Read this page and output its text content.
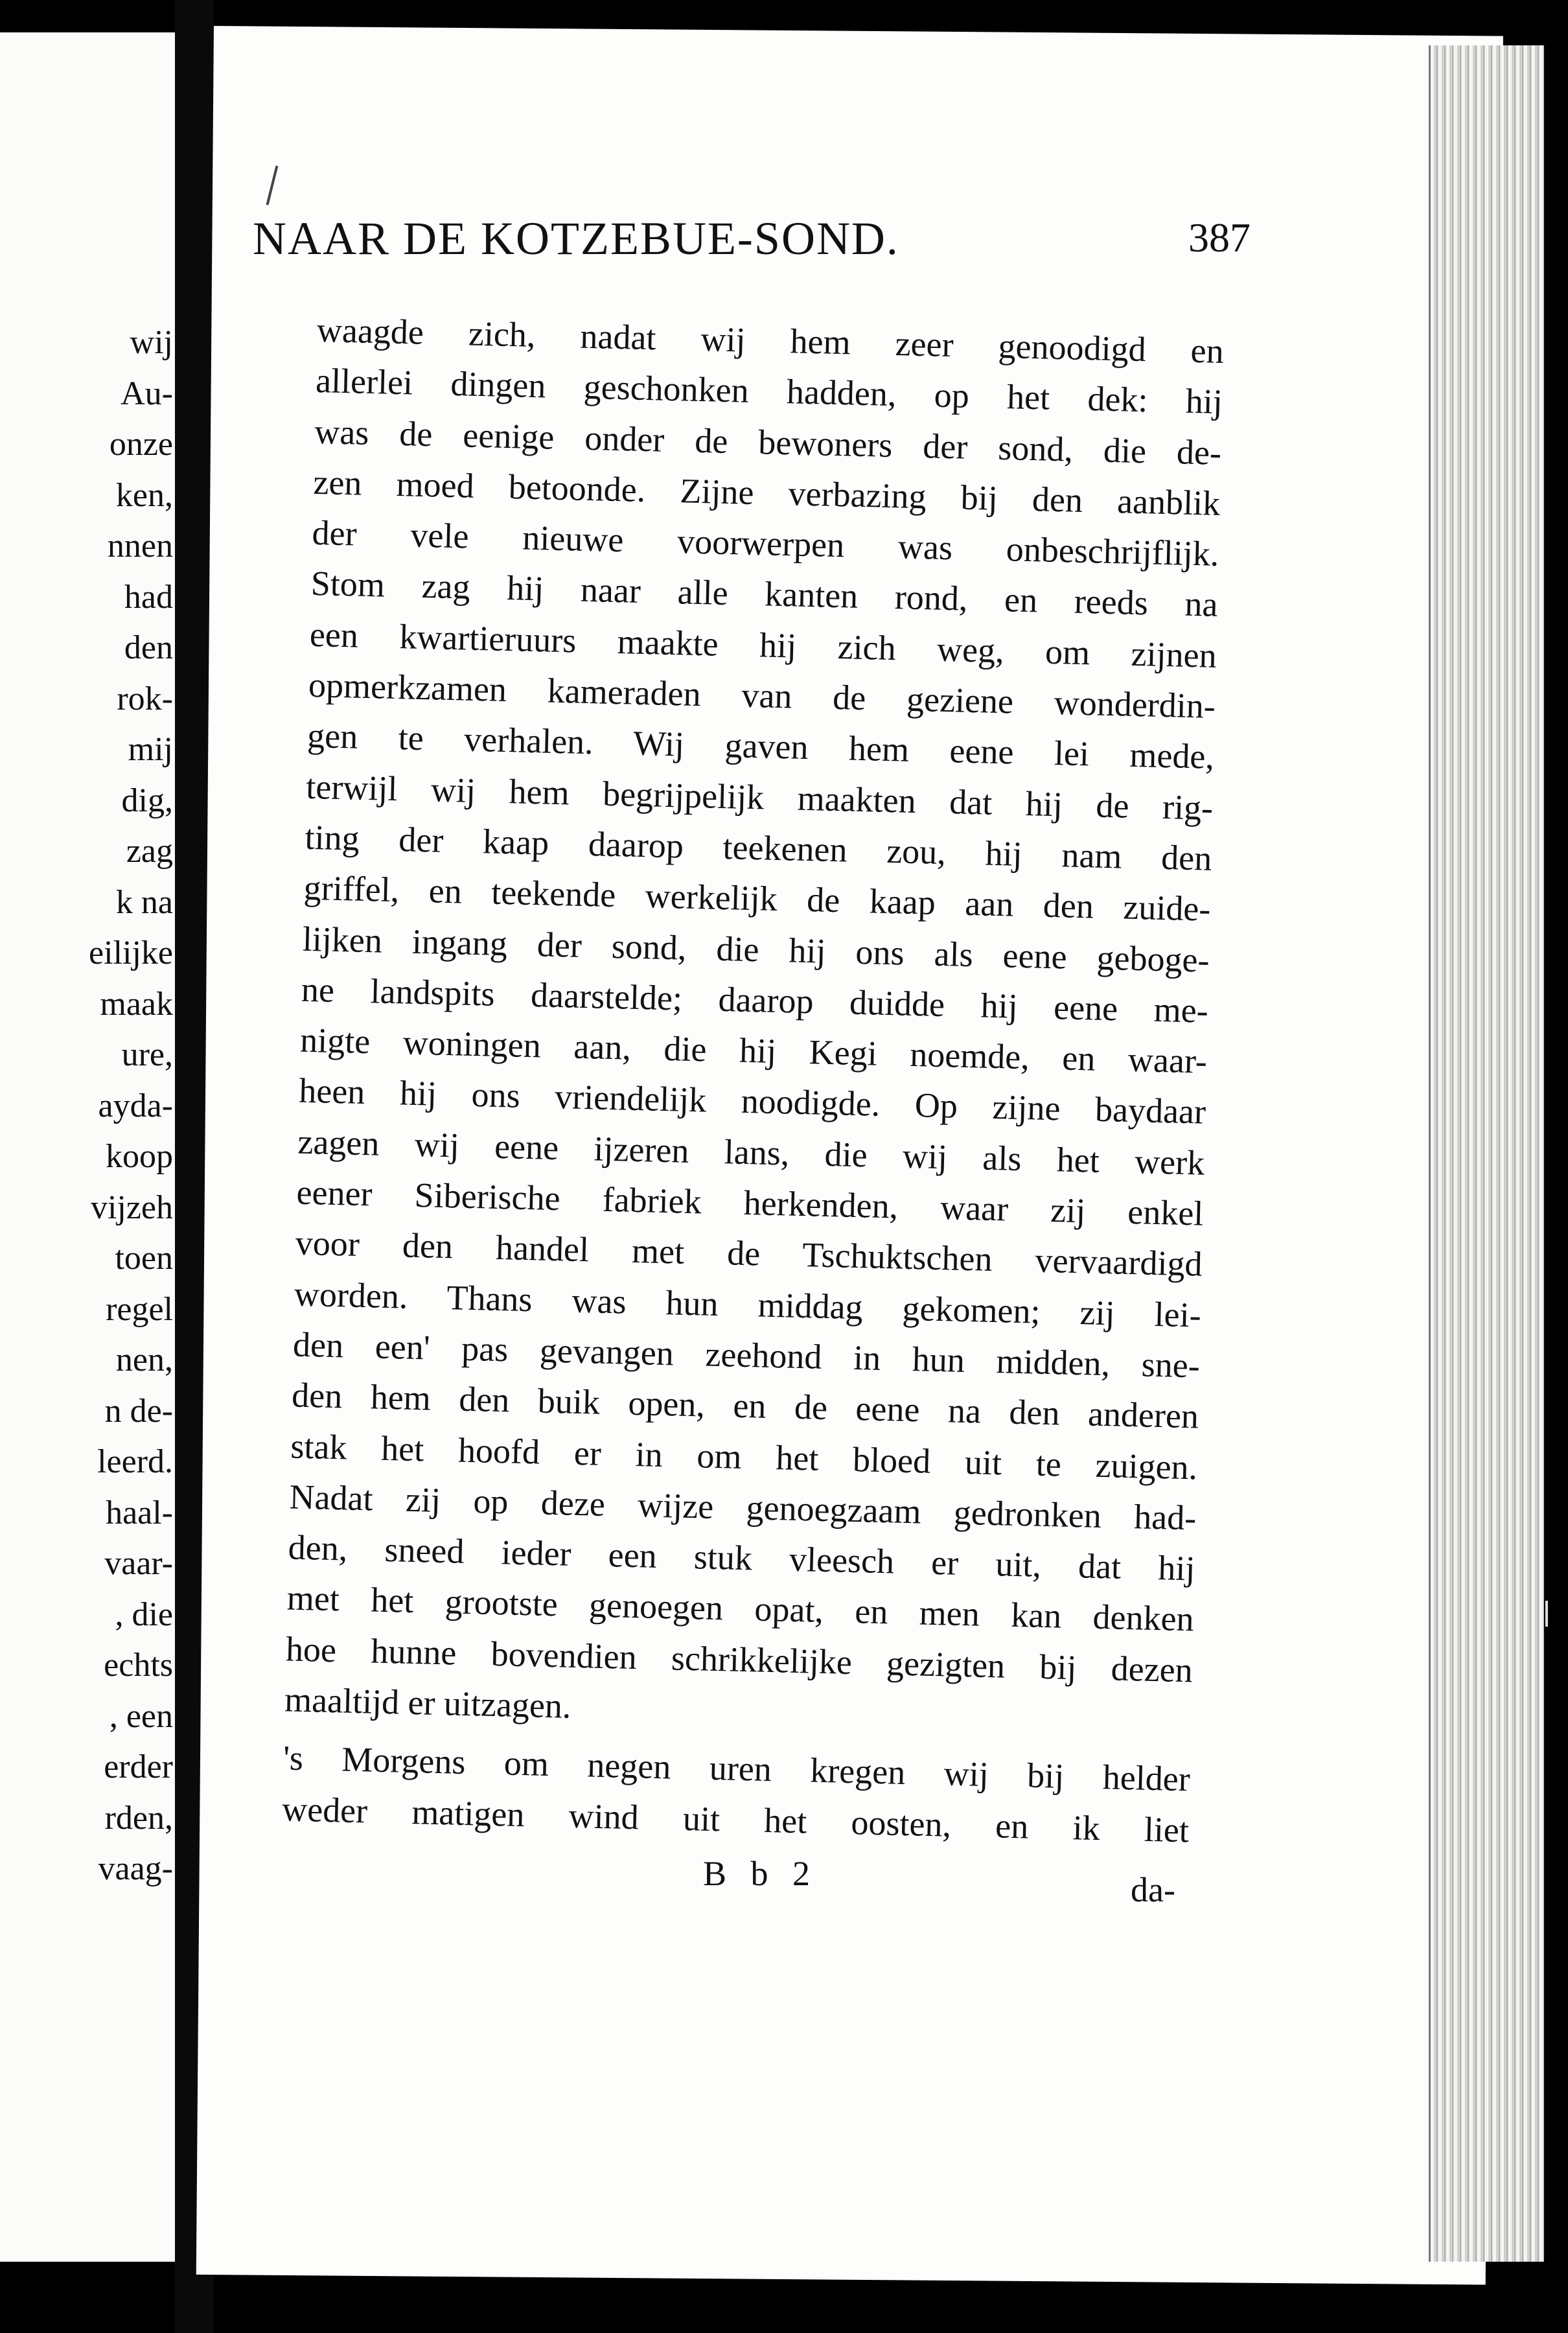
wij
Au-
onze
ken,
nnen
had
den
rok-
mij
dig,
zag
k na
eilijke
maak
ure,
ayda-
koop
vijzeh
toen
regel
nen,
n de-
leerd.
haal-
vaar-
, die
echts
, een
erder
rden,
vaag-
NAAR DE KOTZEBUE-SOND.	387
waagde zich, nadat wij hem zeer genoodigd en
allerlei dingen geschonken hadden, op het dek: hij
was de eenige onder de bewoners der sond, die de-
zen moed betoonde. Zijne verbazing bij den aanblik
der vele nieuwe voorwerpen was onbeschrijflijk.
Stom zag hij naar alle kanten rond, en reeds na
een kwartieruurs maakte hij zich weg, om zijnen
opmerkzamen kameraden van de geziene wonderdin-
gen te verhalen. Wij gaven hem eene lei mede,
terwijl wij hem begrijpelijk maakten dat hij de rig-
ting der kaap daarop teekenen zou, hij nam den
griffel, en teekende werkelijk de kaap aan den zuide-
lijken ingang der sond, die hij ons als eene geboge-
ne landspits daarstelde; daarop duidde hij eene me-
nigte woningen aan, die hij Kegi noemde, en waar-
heen hij ons vriendelijk noodigde. Op zijne baydaar
zagen wij eene ijzeren lans, die wij als het werk
eener Siberische fabriek herkenden, waar zij enkel
voor den handel met de Tschuktschen vervaardigd
worden. Thans was hun middag gekomen; zij lei-
den een' pas gevangen zeehond in hun midden, sne-
den hem den buik open, en de eene na den anderen
stak het hoofd er in om het bloed uit te zuigen.
Nadat zij op deze wijze genoegzaam gedronken had-
den, sneed ieder een stuk vleesch er uit, dat hij
met het grootste genoegen opat, en men kan denken
hoe hunne bovendien schrikkelijke gezigten bij dezen
maaltijd er uitzagen.
's Morgens om negen uren kregen wij bij helder
weder matigen wind uit het oosten, en ik liet
B b 2	da-
